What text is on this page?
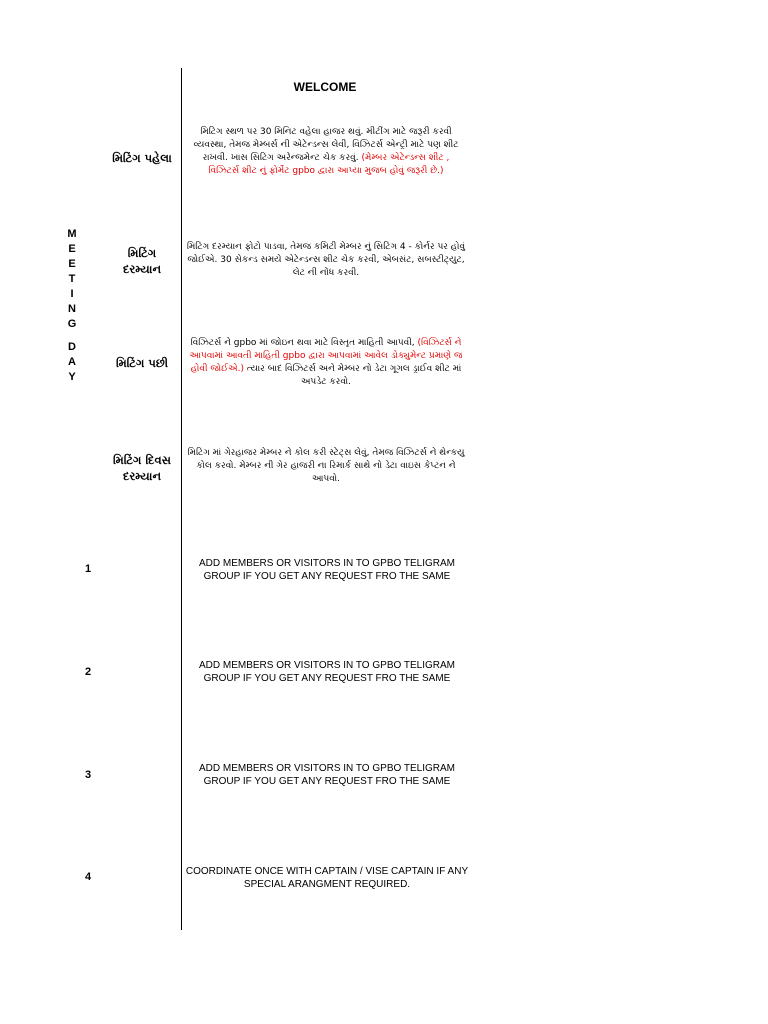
WELCOME
M
E
E
T
I
N
G
D
A
Y
મિટિંગ પહેલા
મિટિંગ સ્થળ પર 30 મિનિટ વહેલા હાજર થવું. મીટીંગ માટે જરૂરી કરવી વ્યવસ્થા, તેમજ મેમ્બર્સ ની એટેન્ડન્સ લેવી, વિઝિટર્સ એન્ટ્રી માટે પણ શીટ રાખવી. ખાસ સિટિંગ અરેન્જમેન્ટ ચેક કરવું. (મેમ્બર એટેન્ડન્સ શીટ , વિઝિટર્સ શીટ નું ફોર્મેટ gpbo દ્વારા આપ્યા મુજબ હોવું જરૂરી છે.)
મિટિંગ
દરમ્યાન
મિટિંગ દરમ્યાન ફોટો પાડવા, તેમજ કમિટી મેમ્બર નું સિટિંગ 4 - કોર્નર પર હોવું જોઈએ. 30 સેકન્ડ સમયે એટેન્ડન્સ શીટ ચેક કરવી, એબસંટ, સબસ્ટીટ્યુટ, લેટ ની નોંધ કરવી.
મિટિંગ પછી
વિઝિટર્સ ને gpbo માં જોઇન થવા માટે વિસ્તૃત માહિતી આપવી, (વિઝિટર્સ ને આપવામાં આવતી માહિતી gpbo દ્વારા આપવામાં આવેલ ડોક્યુમેન્ટ પ્રમાણે જ હોવી જોઈએ.) ત્યાર બાદ વિઝિટર્સ અને મેમ્બર નો ડેટા ગૂગલ ડ્રાઈવ શીટ માં અપડેટ કરવો.
મિટિંગ દિવસ
દરમ્યાન
મિટિંગ માં ગેરહાજર મેમ્બર ને કોલ કરી સ્ટેટ્સ લેવું, તેમજ વિઝિટર્સ ને થેન્કયુ કોલ કરવો. મેમ્બર ની ગેર હાજરી ના રિમાર્ક સાથે નો ડેટા વાઇસ કેપ્ટન ને આપવો.
1	ADD MEMBERS OR VISITORS IN TO GPBO TELIGRAM GROUP IF YOU GET ANY REQUEST FRO THE SAME
2
ADD MEMBERS OR VISITORS IN TO GPBO TELIGRAM GROUP IF YOU GET ANY REQUEST FRO THE SAME
3
ADD MEMBERS OR VISITORS IN TO GPBO TELIGRAM GROUP IF YOU GET ANY REQUEST FRO THE SAME
4	COORDINATE ONCE WITH CAPTAIN / VISE CAPTAIN IF ANY SPECIAL ARANGMENT REQUIRED.
